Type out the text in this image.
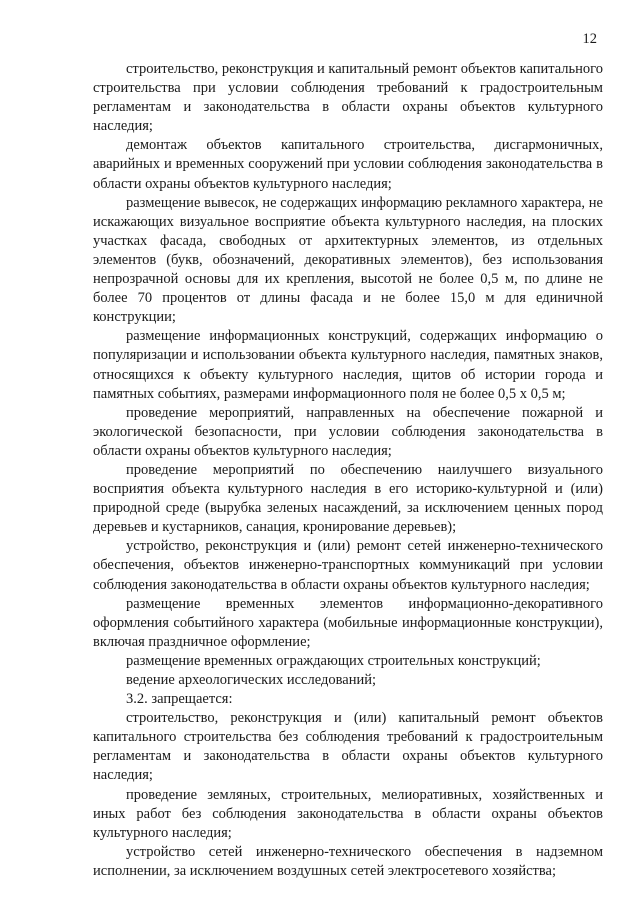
12

строительство, реконструкция и капитальный ремонт объектов капитального строительства при условии соблюдения требований к градостроительным регламентам и законодательства в области охраны объектов культурного наследия;

демонтаж объектов капитального строительства, дисгармоничных, аварийных и временных сооружений при условии соблюдения законодательства в области охраны объектов культурного наследия;

размещение вывесок, не содержащих информацию рекламного характера, не искажающих визуальное восприятие объекта культурного наследия, на плоских участках фасада, свободных от архитектурных элементов, из отдельных элементов (букв, обозначений, декоративных элементов), без использования непрозрачной основы для их крепления, высотой не более 0,5 м, по длине не более 70 процентов от длины фасада и не более 15,0 м для единичной конструкции;

размещение информационных конструкций, содержащих информацию о популяризации и использовании объекта культурного наследия, памятных знаков, относящихся к объекту культурного наследия, щитов об истории города и памятных событиях, размерами информационного поля не более 0,5 х 0,5 м;

проведение мероприятий, направленных на обеспечение пожарной и экологической безопасности, при условии соблюдения законодательства в области охраны объектов культурного наследия;

проведение мероприятий по обеспечению наилучшего визуального восприятия объекта культурного наследия в его историко-культурной и (или) природной среде (вырубка зеленых насаждений, за исключением ценных пород деревьев и кустарников, санация, кронирование деревьев);

устройство, реконструкция и (или) ремонт сетей инженерно-технического обеспечения, объектов инженерно-транспортных коммуникаций при условии соблюдения законодательства в области охраны объектов культурного наследия;

размещение временных элементов информационно-декоративного оформления событийного характера (мобильные информационные конструкции), включая праздничное оформление;

размещение временных ограждающих строительных конструкций;

ведение археологических исследований;

3.2. запрещается:

строительство, реконструкция и (или) капитальный ремонт объектов капитального строительства без соблюдения требований к градостроительным регламентам и законодательства в области охраны объектов культурного наследия;

проведение земляных, строительных, мелиоративных, хозяйственных и иных работ без соблюдения законодательства в области охраны объектов культурного наследия;

устройство сетей инженерно-технического обеспечения в надземном исполнении, за исключением воздушных сетей электросетевого хозяйства;
